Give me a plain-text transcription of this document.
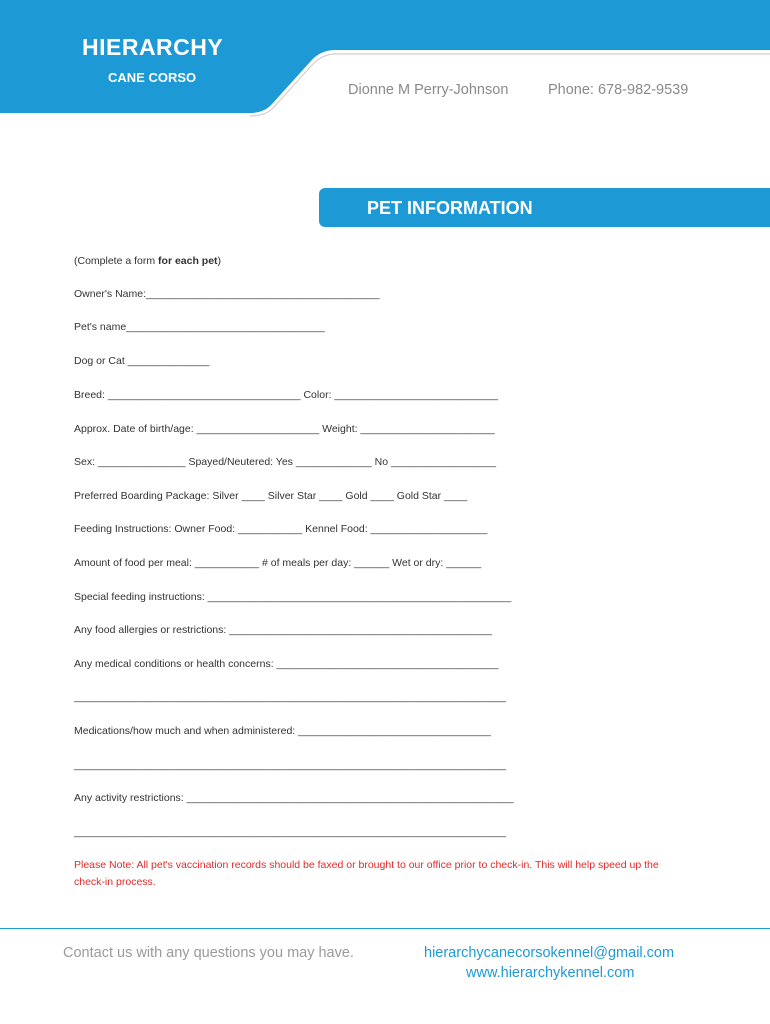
HIERARCHY
CANE CORSO
Dionne M Perry-Johnson	Phone: 678-982-9539
PET INFORMATION
(Complete a form for each pet)
Owner's Name:________________________________________
Pet's name__________________________________
Dog or Cat ______________
Breed: _________________________________ Color: ____________________________
Approx. Date of birth/age: _____________________ Weight: _______________________
Sex: _______________ Spayed/Neutered: Yes _____________ No __________________
Preferred Boarding Package: Silver ____ Silver Star ____ Gold ____ Gold Star ____
Feeding Instructions: Owner Food: ___________ Kennel Food: ____________________
Amount of food per meal: ___________ # of meals per day: ______ Wet or dry: ______
Special feeding instructions: ____________________________________________________
Any food allergies or restrictions: _____________________________________________
Any medical conditions or health concerns: ______________________________________
__________________________________________________________________________
Medications/how much and when administered: _________________________________
__________________________________________________________________________
Any activity restrictions: ________________________________________________________
__________________________________________________________________________
Please Note: All pet's vaccination records should be faxed or brought to our office prior to check-in. This will help speed up the check-in process.
Contact us with any questions you may have.	hierarchycanecorsokennel@gmail.com
www.hierarchykennel.com
